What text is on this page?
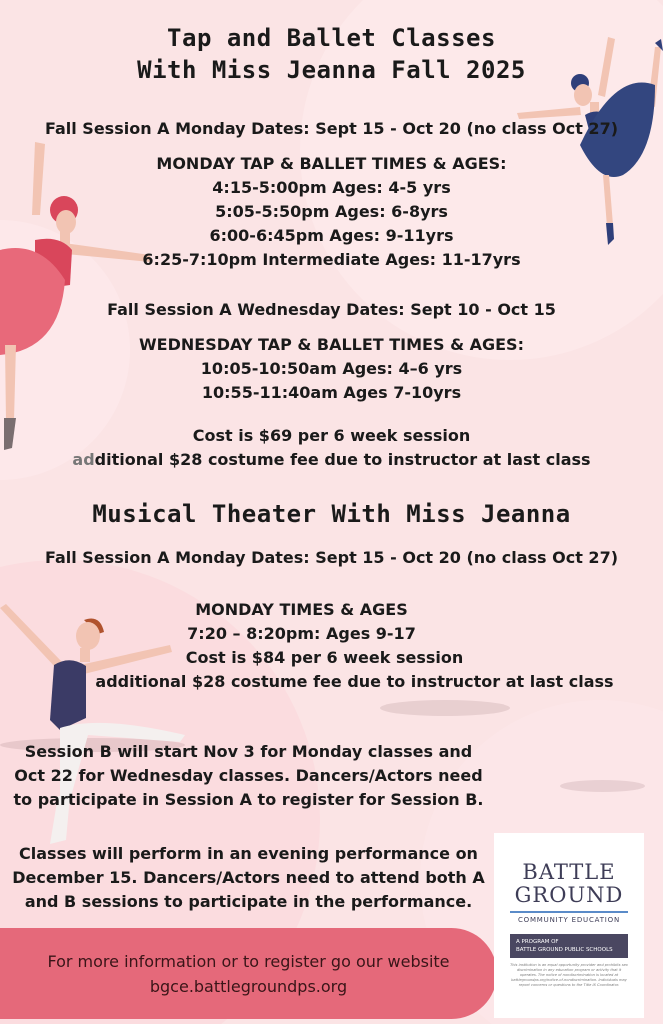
Tap and Ballet Classes
With Miss Jeanna Fall 2025
Fall Session A Monday Dates: Sept 15 - Oct 20 (no class Oct 27)
MONDAY TAP & BALLET TIMES & AGES:
4:15-5:00pm Ages: 4-5 yrs
5:05-5:50pm Ages: 6-8yrs
6:00-6:45pm Ages: 9-11yrs
6:25-7:10pm Intermediate Ages: 11-17yrs
Fall Session A Wednesday Dates: Sept 10 - Oct 15
WEDNESDAY TAP & BALLET TIMES & AGES:
10:05-10:50am Ages: 4–6 yrs
10:55-11:40am Ages 7-10yrs
Cost is $69 per 6 week session
additional $28 costume fee due to instructor at last class
Musical Theater With Miss Jeanna
Fall Session A Monday Dates: Sept 15 - Oct 20 (no class Oct 27)
MONDAY TIMES & AGES
7:20 – 8:20pm: Ages 9-17
Cost is $84 per 6 week session
additional $28 costume fee due to instructor at last class
Session B will start Nov 3 for Monday classes and
Oct 22 for Wednesday classes. Dancers/Actors need
to participate in Session A to register for Session B.
Classes will perform in an evening performance on
December 15. Dancers/Actors need to attend both A
and B sessions to participate in the performance.
For more information or to register go our website
bgce.battlegroundps.org
BATTLE
GROUND
COMMUNITY EDUCATION
A PROGRAM OF
BATTLE GROUND PUBLIC SCHOOLS
This institution is an equal opportunity provider and prohibits sex discrimination in any education program or activity that it operates. The notice of nondiscrimination is located at battlegroundps.org/notice-of-nondiscrimination. Individuals may report concerns or questions to the Title IX Coordinator.
